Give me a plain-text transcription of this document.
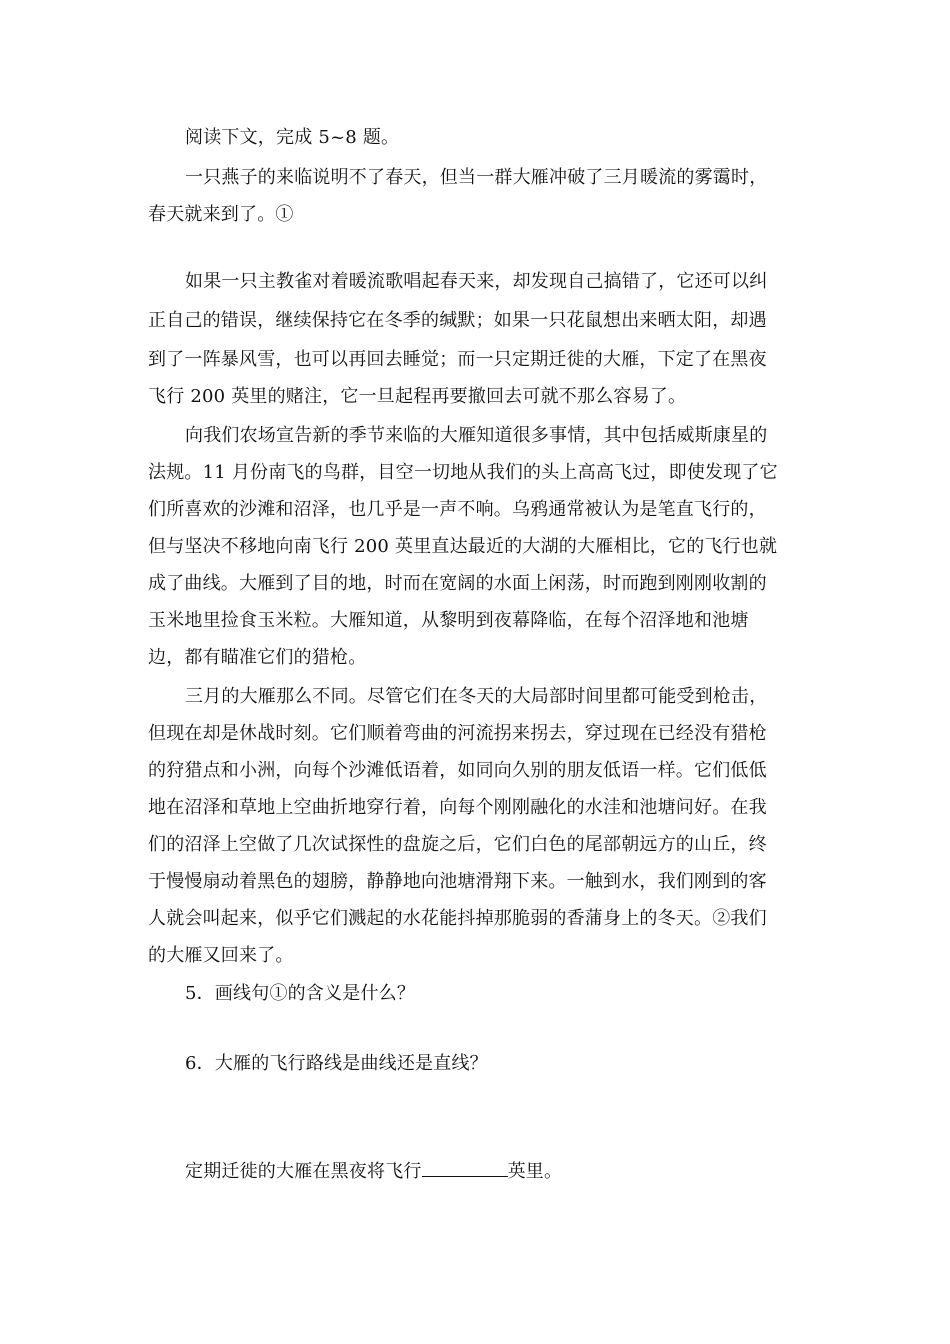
阅读下文，完成 5~8 题。
一只燕子的来临说明不了春天，但当一群大雁冲破了三月暖流的雾霭时，
春天就来到了。①
如果一只主教雀对着暖流歌唱起春天来，却发现自己搞错了，它还可以纠
正自己的错误，继续保持它在冬季的缄默；如果一只花鼠想出来晒太阳，却遇
到了一阵暴风雪，也可以再回去睡觉；而一只定期迁徙的大雁，下定了在黑夜
飞行 200 英里的赌注，它一旦起程再要撤回去可就不那么容易了。
向我们农场宣告新的季节来临的大雁知道很多事情，其中包括威斯康星的
法规。11 月份南飞的鸟群，目空一切地从我们的头上高高飞过，即使发现了它
们所喜欢的沙滩和沼泽，也几乎是一声不响。乌鸦通常被认为是笔直飞行的，
但与坚决不移地向南飞行 200 英里直达最近的大湖的大雁相比，它的飞行也就
成了曲线。大雁到了目的地，时而在宽阔的水面上闲荡，时而跑到刚刚收割的
玉米地里捡食玉米粒。大雁知道，从黎明到夜幕降临，在每个沼泽地和池塘
边，都有瞄准它们的猎枪。
三月的大雁那么不同。尽管它们在冬天的大局部时间里都可能受到枪击，
但现在却是休战时刻。它们顺着弯曲的河流拐来拐去，穿过现在已经没有猎枪
的狩猎点和小洲，向每个沙滩低语着，如同向久别的朋友低语一样。它们低低
地在沼泽和草地上空曲折地穿行着，向每个刚刚融化的水洼和池塘问好。在我
们的沼泽上空做了几次试探性的盘旋之后，它们白色的尾部朝远方的山丘，终
于慢慢扇动着黑色的翅膀，静静地向池塘滑翔下来。一触到水，我们刚到的客
人就会叫起来，似乎它们溅起的水花能抖掉那脆弱的香蒲身上的冬天。②我们
的大雁又回来了。
5．画线句①的含义是什么？
6．大雁的飞行路线是曲线还是直线？
定期迁徙的大雁在黑夜将飞行	英里。
